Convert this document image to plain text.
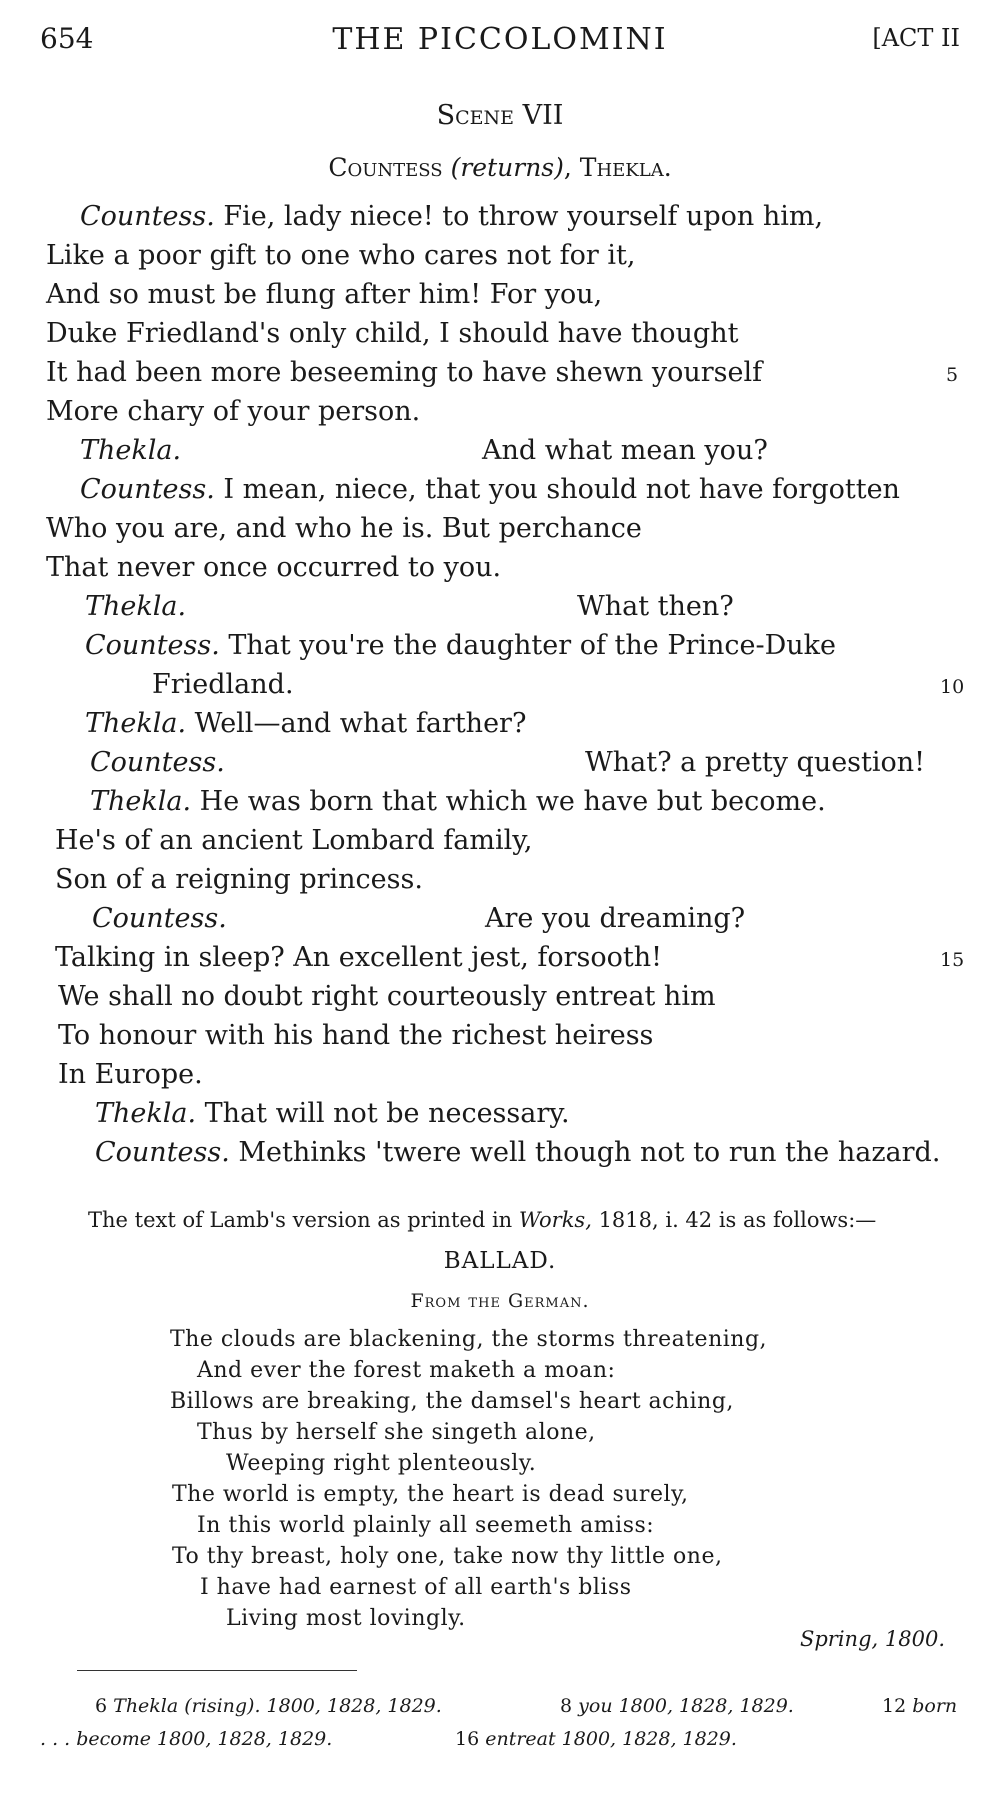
654	THE PICCOLOMINI	[ACT II
Scene VII
Countess (returns), Thekla.
Countess. Fie, lady niece! to throw yourself upon him,
Like a poor gift to one who cares not for it,
And so must be flung after him! For you,
Duke Friedland's only child, I should have thought
It had been more beseeming to have shewn yourself	5
More chary of your person.
Thekla.	And what mean you?
Countess. I mean, niece, that you should not have forgotten
Who you are, and who he is. But perchance
That never once occurred to you.
Thekla.	What then?
Countess. That you're the daughter of the Prince-Duke
Friedland.	10
Thekla. Well—and what farther?
Countess.	What? a pretty question!
Thekla. He was born that which we have but become.
He's of an ancient Lombard family,
Son of a reigning princess.
Countess.	Are you dreaming?
Talking in sleep? An excellent jest, forsooth!	15
We shall no doubt right courteously entreat him
To honour with his hand the richest heiress
In Europe.
Thekla. That will not be necessary.
Countess. Methinks 'twere well though not to run the hazard.
The text of Lamb's version as printed in Works, 1818, i. 42 is as follows:—
BALLAD.
From the German.
The clouds are blackening, the storms threatening,
And ever the forest maketh a moan:
Billows are breaking, the damsel's heart aching,
Thus by herself she singeth alone,
Weeping right plenteously.
The world is empty, the heart is dead surely,
In this world plainly all seemeth amiss:
To thy breast, holy one, take now thy little one,
I have had earnest of all earth's bliss
Living most lovingly.
Spring, 1800.
6 Thekla (rising). 1800, 1828, 1829.	8 you 1800, 1828, 1829.	12 born
. . . become 1800, 1828, 1829.	16 entreat 1800, 1828, 1829.
